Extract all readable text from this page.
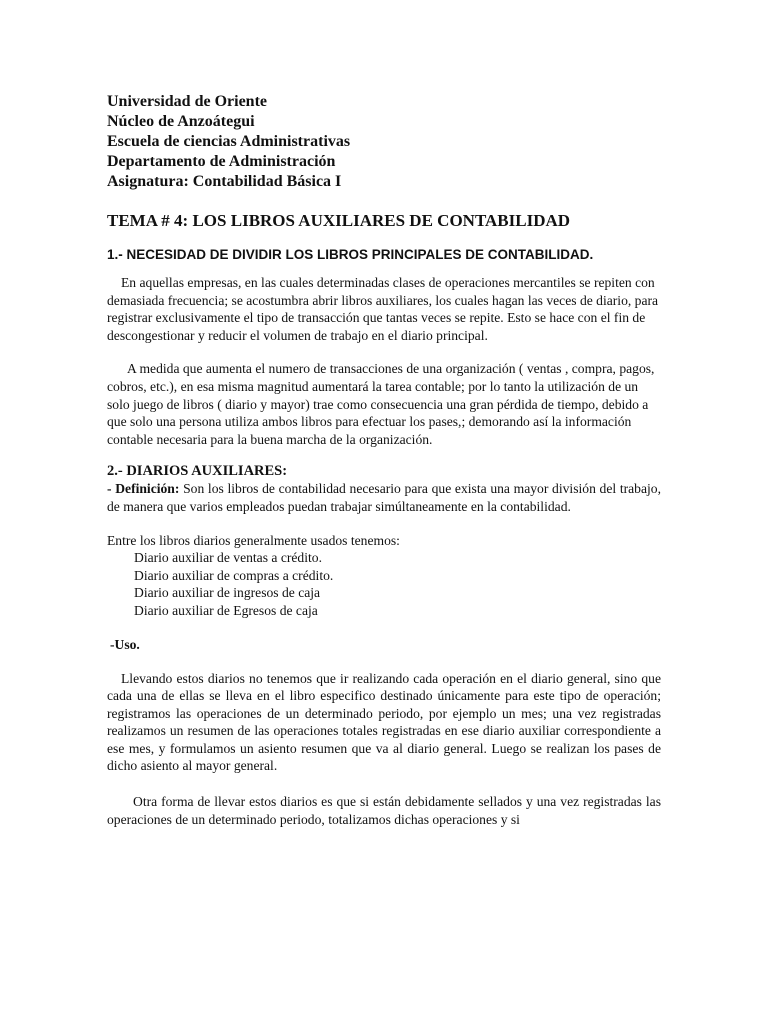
Universidad de Oriente
Núcleo de Anzoátegui
Escuela de ciencias Administrativas
Departamento de Administración
Asignatura: Contabilidad Básica I
TEMA # 4: LOS LIBROS AUXILIARES DE CONTABILIDAD
1.- NECESIDAD DE DIVIDIR LOS LIBROS PRINCIPALES DE CONTABILIDAD.

En aquellas empresas, en las cuales determinadas clases de operaciones mercantiles se repiten con demasiada frecuencia; se acostumbra abrir libros auxiliares, los cuales hagan las veces de diario, para registrar exclusivamente el tipo de transacción que tantas veces se repite. Esto se hace con el fin de descongestionar y reducir el volumen de trabajo en el diario principal.

A medida que aumenta el numero de transacciones de una organización ( ventas , compra, pagos, cobros, etc.), en esa misma magnitud aumentará la tarea contable; por lo tanto la utilización de un solo juego de libros ( diario y mayor) trae como consecuencia una gran pérdida de tiempo, debido a que solo una persona utiliza ambos libros para efectuar los pases,; demorando así la información contable necesaria para la buena marcha de la organización.

2.- DIARIOS AUXILIARES:

- Definición: Son los libros de contabilidad necesario para que exista una mayor división del trabajo, de manera que varios empleados puedan trabajar simúltaneamente en la contabilidad.

Entre los libros diarios generalmente usados tenemos:

Diario auxiliar de ventas a crédito.
Diario auxiliar de compras a crédito.
Diario auxiliar de ingresos de caja
Diario auxiliar de Egresos de caja
-Uso.

Llevando estos diarios no tenemos que ir realizando cada operación en el diario general, sino que cada una de ellas se lleva en el libro especifico destinado únicamente para este tipo de operación; registramos las operaciones de un determinado periodo, por ejemplo un mes; una vez registradas realizamos un resumen de las operaciones totales registradas en ese diario auxiliar correspondiente a ese mes, y formulamos un asiento resumen que va al diario general. Luego se realizan los pases de dicho asiento al mayor general.

Otra forma de llevar estos diarios es que si están debidamente sellados y una vez registradas las operaciones de un determinado periodo, totalizamos dichas operaciones y si
